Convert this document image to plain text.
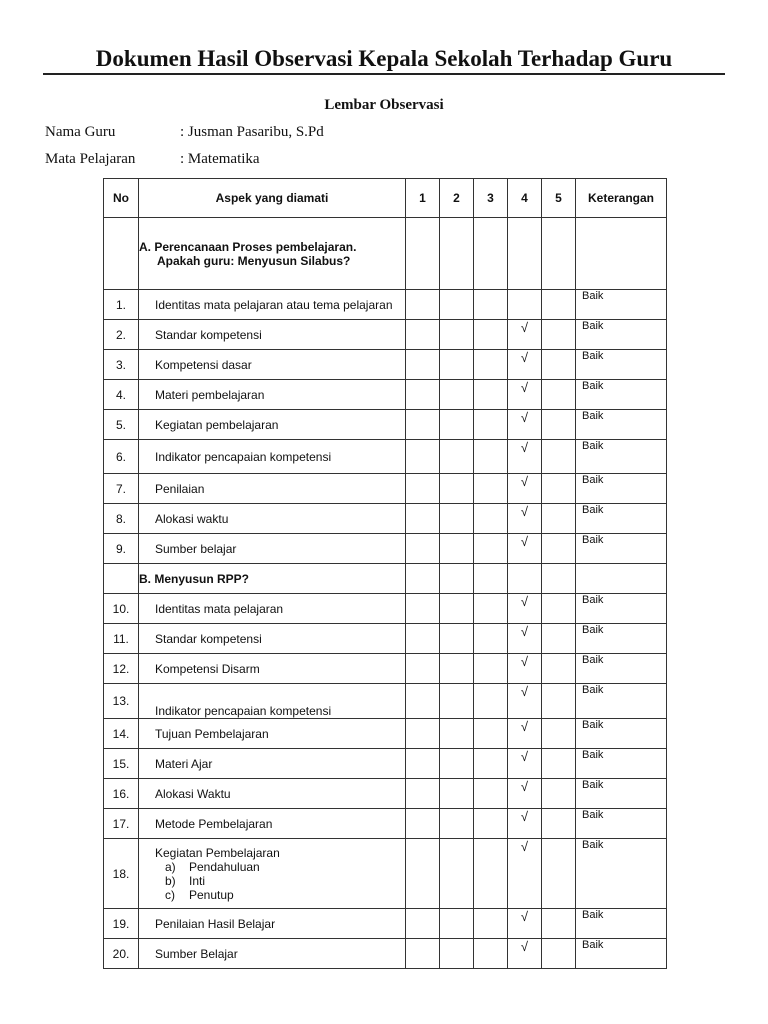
Dokumen Hasil Observasi Kepala Sekolah Terhadap Guru
Lembar Observasi
Nama Guru	: Jusman Pasaribu, S.Pd
Mata Pelajaran	: Matematika
No	Aspek yang diamati	1	2	3	4	5	Keterangan

	A. Perencanaan Proses pembelajaran.
Apakah guru: Menyusun Silabus?						

1.	Identitas mata pelajaran atau tema pelajaran						Baik
2.	Standar kompetensi				√		Baik
3.	Kompetensi dasar				√		Baik
4.	Materi pembelajaran				√		Baik
5.	Kegiatan pembelajaran				√		Baik
6.	Indikator pencapaian kompetensi				√		Baik
7.	Penilaian				√		Baik
8.	Alokasi waktu				√		Baik
9.	Sumber belajar				√		Baik
	B. Menyusun RPP?						
10.	Identitas mata pelajaran				√		Baik
11.	Standar kompetensi				√		Baik
12.	Kompetensi Disarm				√		Baik
13.	Indikator pencapaian kompetensi				√		Baik
14.	Tujuan Pembelajaran				√		Baik
15.	Materi Ajar				√		Baik
16.	Alokasi Waktu				√		Baik
17.	Metode Pembelajaran				√		Baik
18.	Kegiatan Pembelajaran
a) Pendahuluan
b) Inti
c) Penutup				√		Baik
19.	Penilaian Hasil Belajar				√		Baik
20.	Sumber Belajar				√		Baik
